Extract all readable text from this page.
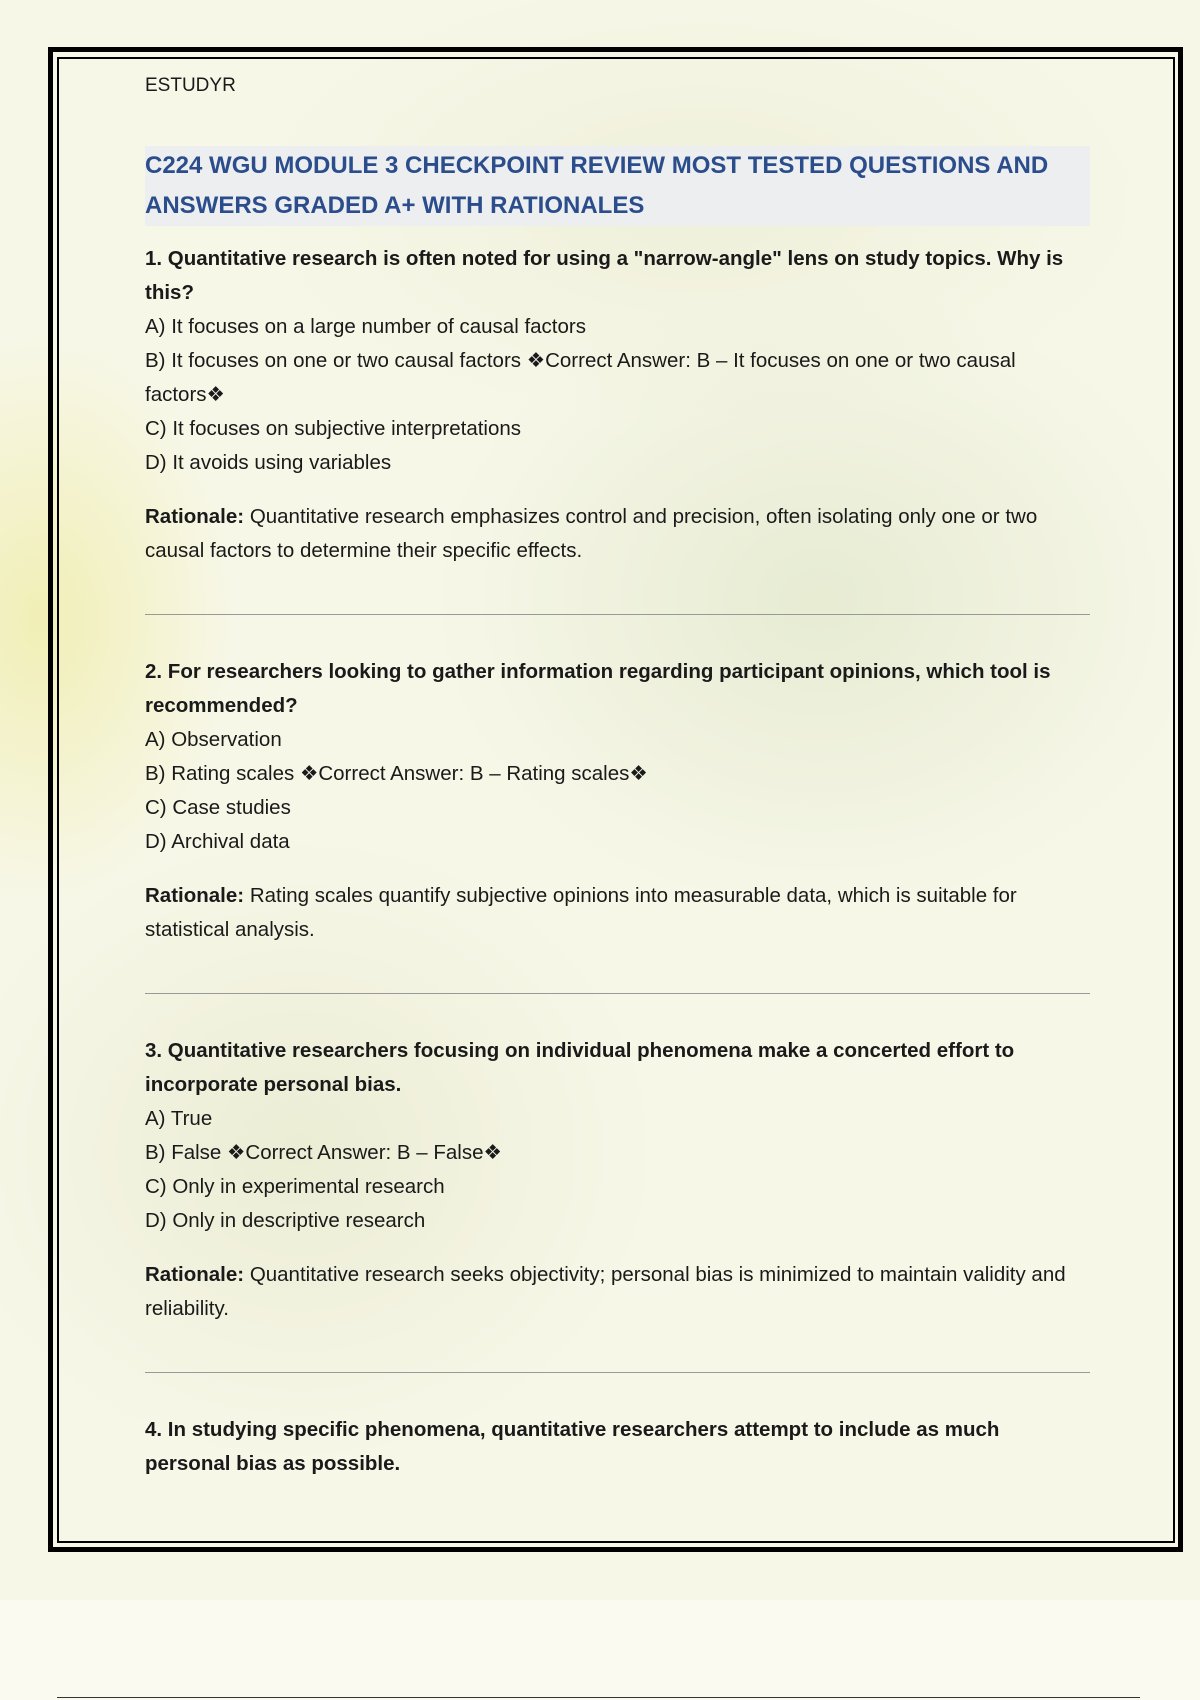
ESTUDYR
C224 WGU MODULE 3 CHECKPOINT REVIEW MOST TESTED QUESTIONS AND ANSWERS GRADED A+ WITH RATIONALES

1. Quantitative research is often noted for using a "narrow-angle" lens on study topics. Why is this?

A) It focuses on a large number of causal factors

B) It focuses on one or two causal factors ❖Correct Answer: B – It focuses on one or two causal factors❖

C) It focuses on subjective interpretations

D) It avoids using variables

Rationale: Quantitative research emphasizes control and precision, often isolating only one or two causal factors to determine their specific effects.

2. For researchers looking to gather information regarding participant opinions, which tool is recommended?

A) Observation

B) Rating scales ❖Correct Answer: B – Rating scales❖

C) Case studies

D) Archival data

Rationale: Rating scales quantify subjective opinions into measurable data, which is suitable for statistical analysis.

3. Quantitative researchers focusing on individual phenomena make a concerted effort to incorporate personal bias.

A) True

B) False ❖Correct Answer: B – False❖

C) Only in experimental research

D) Only in descriptive research

Rationale: Quantitative research seeks objectivity; personal bias is minimized to maintain validity and reliability.

4. In studying specific phenomena, quantitative researchers attempt to include as much personal bias as possible.
